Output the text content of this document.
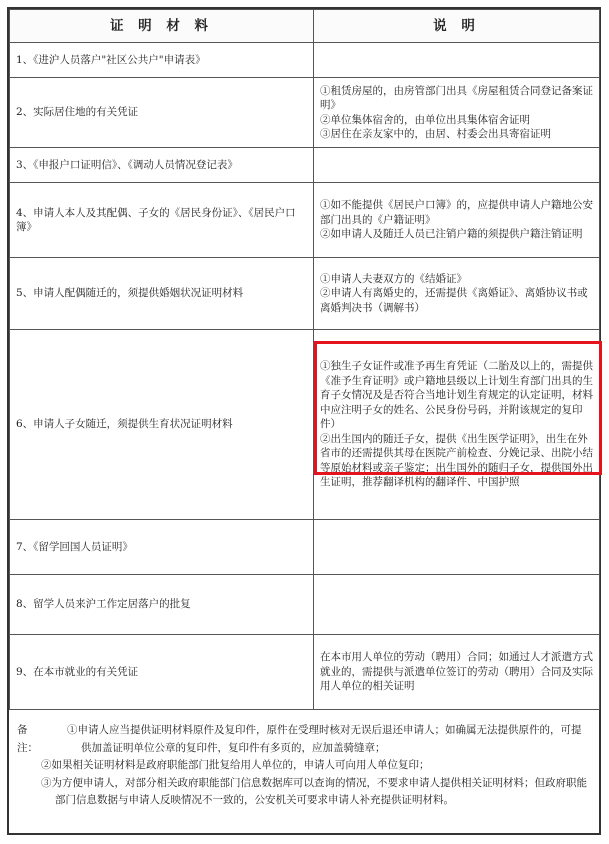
证 明 材 料	说 明
1、《进沪人员落户"社区公共户"申请表》	
2、实际居住地的有关凭证	①租赁房屋的，由房管部门出具《房屋租赁合同登记备案证明》
②单位集体宿舍的，由单位出具集体宿舍证明
③居住在亲友家中的，由居、村委会出具寄宿证明

3、《申报户口证明信》、《调动人员情况登记表》	
4、申请人本人及其配偶、子女的《居民身份证》、《居民户口簿》	①如不能提供《居民户口簿》的，应提供申请人户籍地公安部门出具的《户籍证明》
②如申请人及随迁人员已注销户籍的须提供户籍注销证明

5、申请人配偶随迁的，须提供婚姻状况证明材料	①申请人夫妻双方的《结婚证》
②申请人有离婚史的，还需提供《离婚证》、离婚协议书或离婚判决书（调解书）

6、申请人子女随迁，须提供生育状况证明材料	①独生子女证件或准予再生育凭证（二胎及以上的，需提供《准予生育证明》或户籍地县级以上计划生育部门出具的生育子女情况及是否符合当地计划生育规定的认定证明，材料中应注明子女的姓名、公民身份号码，并附该规定的复印件）
②出生国内的随迁子女，提供《出生医学证明》，出生在外省市的还需提供其母在医院产前检查、分娩记录、出院小结等原始材料或亲子鉴定；出生国外的随归子女，提供国外出生证明，推荐翻译机构的翻译件、中国护照

7、《留学回国人员证明》	
8、留学人员来沪工作定居落户的批复	
9、在本市就业的有关凭证	在本市用人单位的劳动（聘用）合同；如通过人才派遣方式就业的，需提供与派遣单位签订的劳动（聘用）合同及实际用人单位的相关证明
备注：
①申请人应当提供证明材料原件及复印件，原件在受理时核对无误后退还申请人；如确属无法提供原件的，可提供加盖证明单位公章的复印件，复印件有多页的，应加盖骑缝章；
②如果相关证明材料是政府职能部门批复给用人单位的，申请人可向用人单位复印；
③为方便申请人，对部分相关政府职能部门信息数据库可以查询的情况，不要求申请人提供相关证明材料；但政府职能部门信息数据与申请人反映情况不一致的，公安机关可要求申请人补充提供证明材料。
